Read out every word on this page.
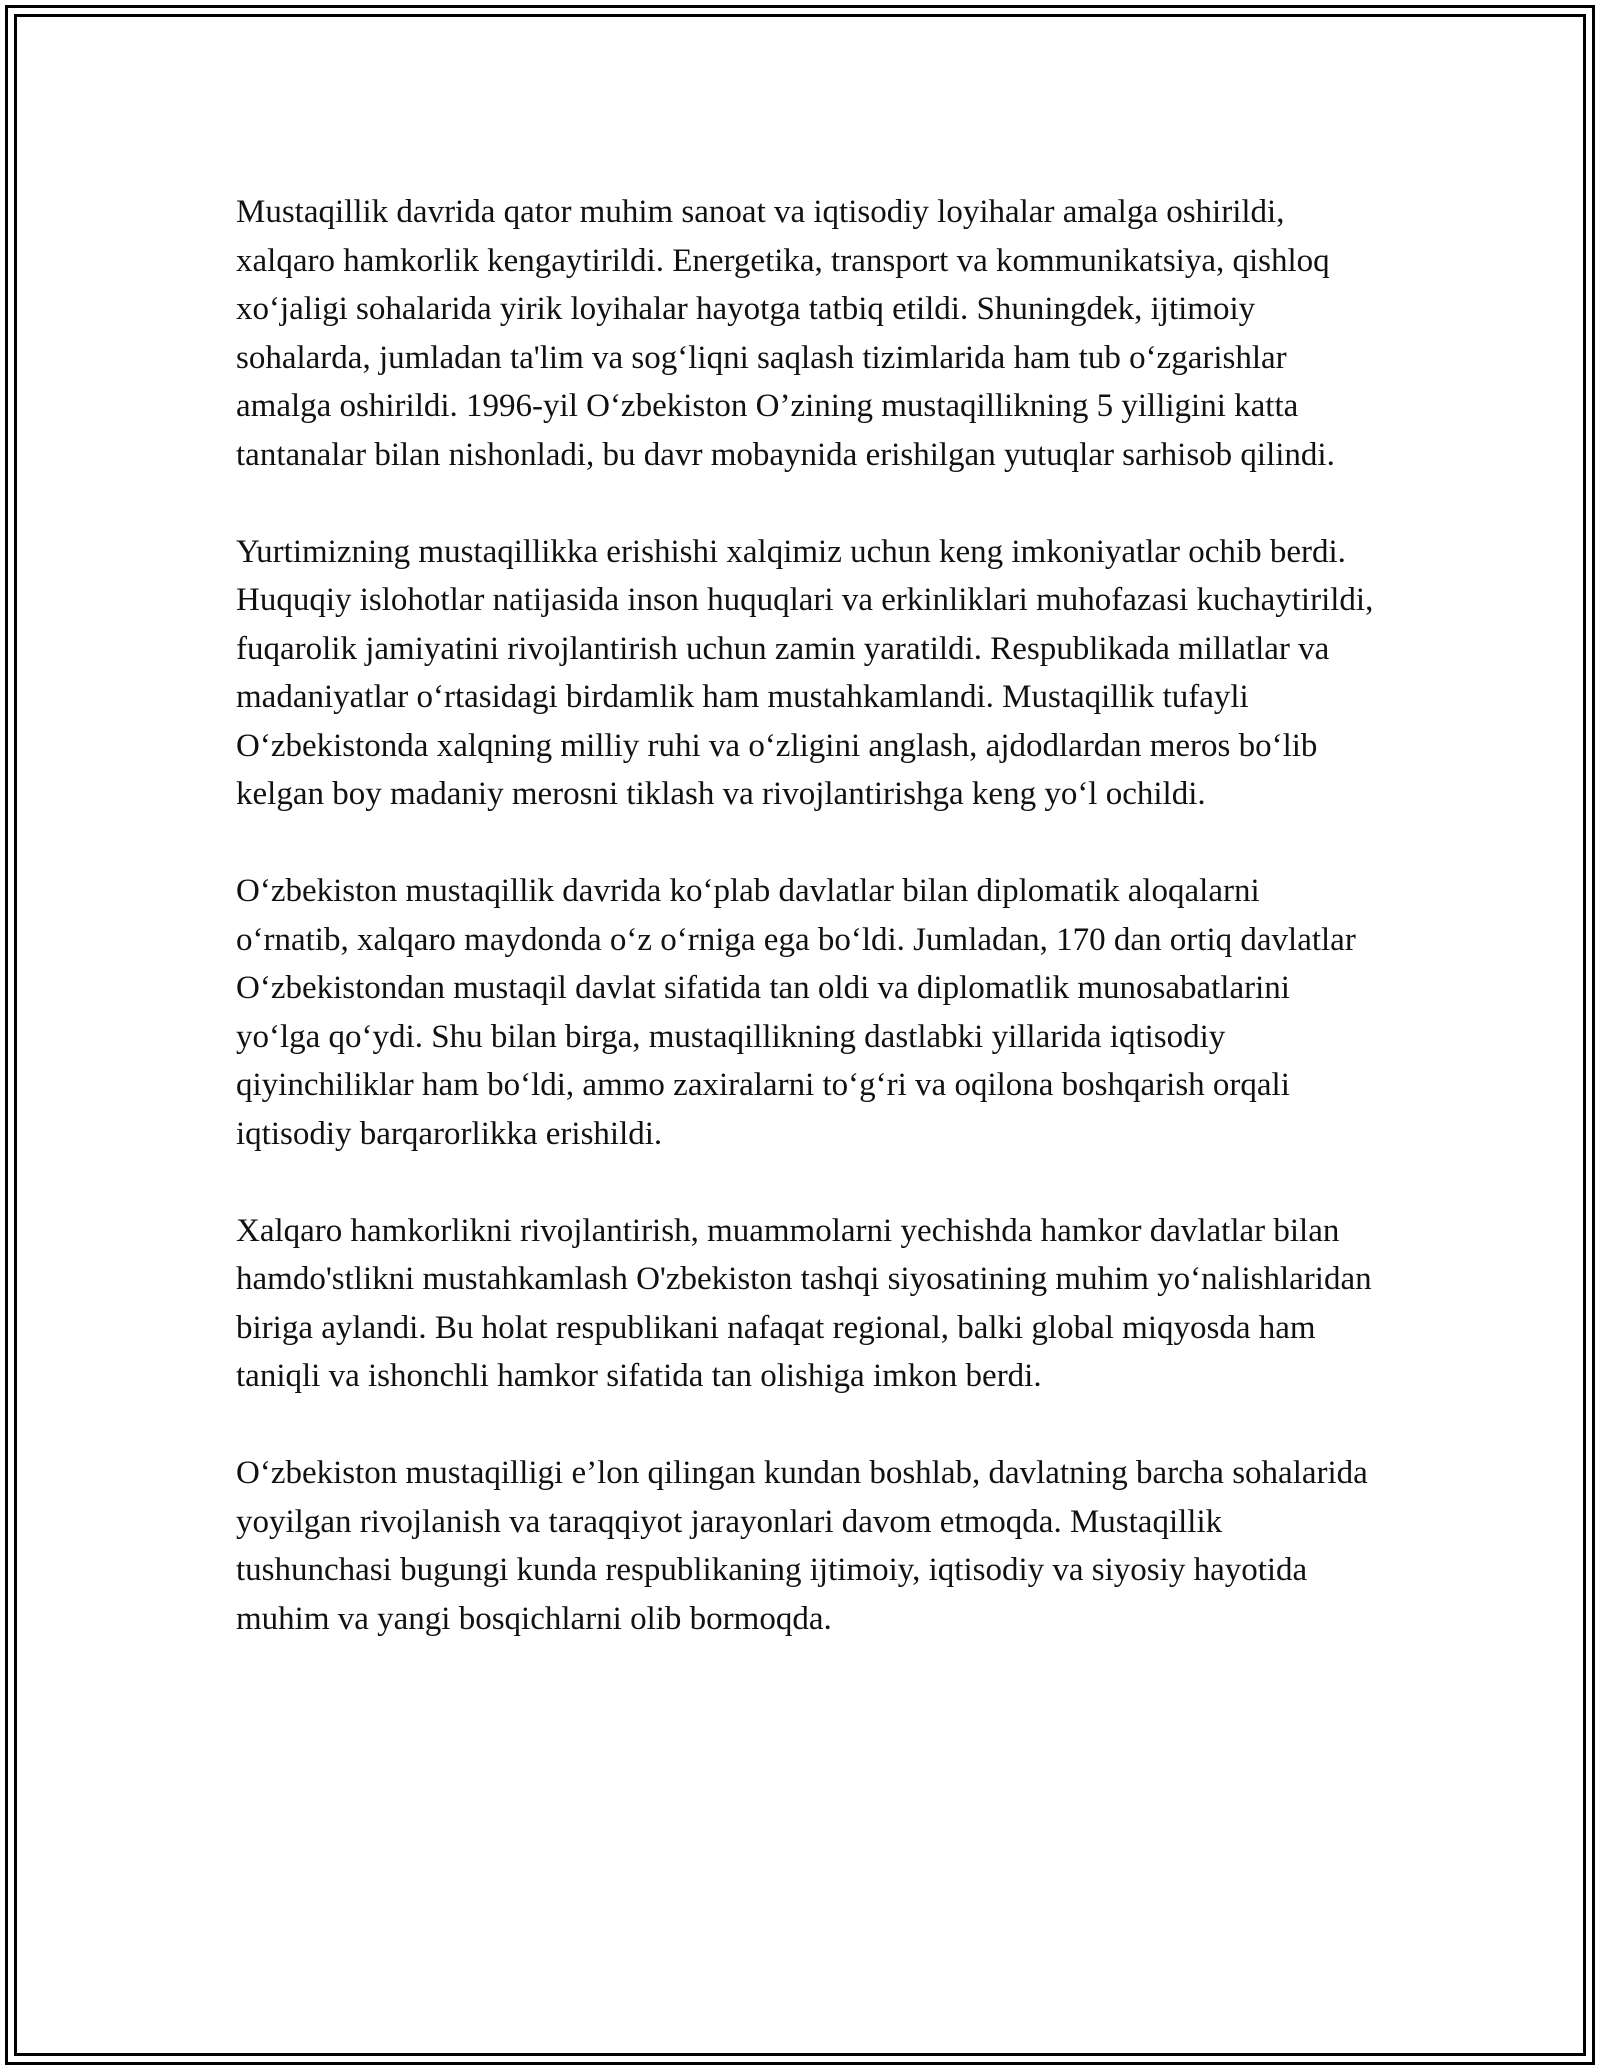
Mustaqillik davrida qator muhim sanoat va iqtisodiy loyihalar amalga oshirildi, xalqaro hamkorlik kengaytirildi. Energetika, transport va kommunikatsiya, qishloq xo‘jaligi sohalarida yirik loyihalar hayotga tatbiq etildi. Shuningdek, ijtimoiy sohalarda, jumladan ta'lim va sog‘liqni saqlash tizimlarida ham tub o‘zgarishlar amalga oshirildi. 1996-yil O‘zbekiston O’zining mustaqillikning 5 yilligini katta tantanalar bilan nishonladi, bu davr mobaynida erishilgan yutuqlar sarhisob qilindi.

Yurtimizning mustaqillikka erishishi xalqimiz uchun keng imkoniyatlar ochib berdi. Huquqiy islohotlar natijasida inson huquqlari va erkinliklari muhofazasi kuchaytirildi, fuqarolik jamiyatini rivojlantirish uchun zamin yaratildi. Respublikada millatlar va madaniyatlar o‘rtasidagi birdamlik ham mustahkamlandi. Mustaqillik tufayli O‘zbekistonda xalqning milliy ruhi va o‘zligini anglash, ajdodlardan meros bo‘lib kelgan boy madaniy merosni tiklash va rivojlantirishga keng yo‘l ochildi.

O‘zbekiston mustaqillik davrida ko‘plab davlatlar bilan diplomatik aloqalarni o‘rnatib, xalqaro maydonda o‘z o‘rniga ega bo‘ldi. Jumladan, 170 dan ortiq davlatlar O‘zbekistondan mustaqil davlat sifatida tan oldi va diplomatlik munosabatlarini yo‘lga qo‘ydi. Shu bilan birga, mustaqillikning dastlabki yillarida iqtisodiy qiyinchiliklar ham bo‘ldi, ammo zaxiralarni to‘g‘ri va oqilona boshqarish orqali iqtisodiy barqarorlikka erishildi.

Xalqaro hamkorlikni rivojlantirish, muammolarni yechishda hamkor davlatlar bilan hamdo'stlikni mustahkamlash O'zbekiston tashqi siyosatining muhim yo‘nalishlaridan biriga aylandi. Bu holat respublikani nafaqat regional, balki global miqyosda ham taniqli va ishonchli hamkor sifatida tan olishiga imkon berdi.

O‘zbekiston mustaqilligi e’lon qilingan kundan boshlab, davlatning barcha sohalarida yoyilgan rivojlanish va taraqqiyot jarayonlari davom etmoqda. Mustaqillik tushunchasi bugungi kunda respublikaning ijtimoiy, iqtisodiy va siyosiy hayotida muhim va yangi bosqichlarni olib bormoqda.
